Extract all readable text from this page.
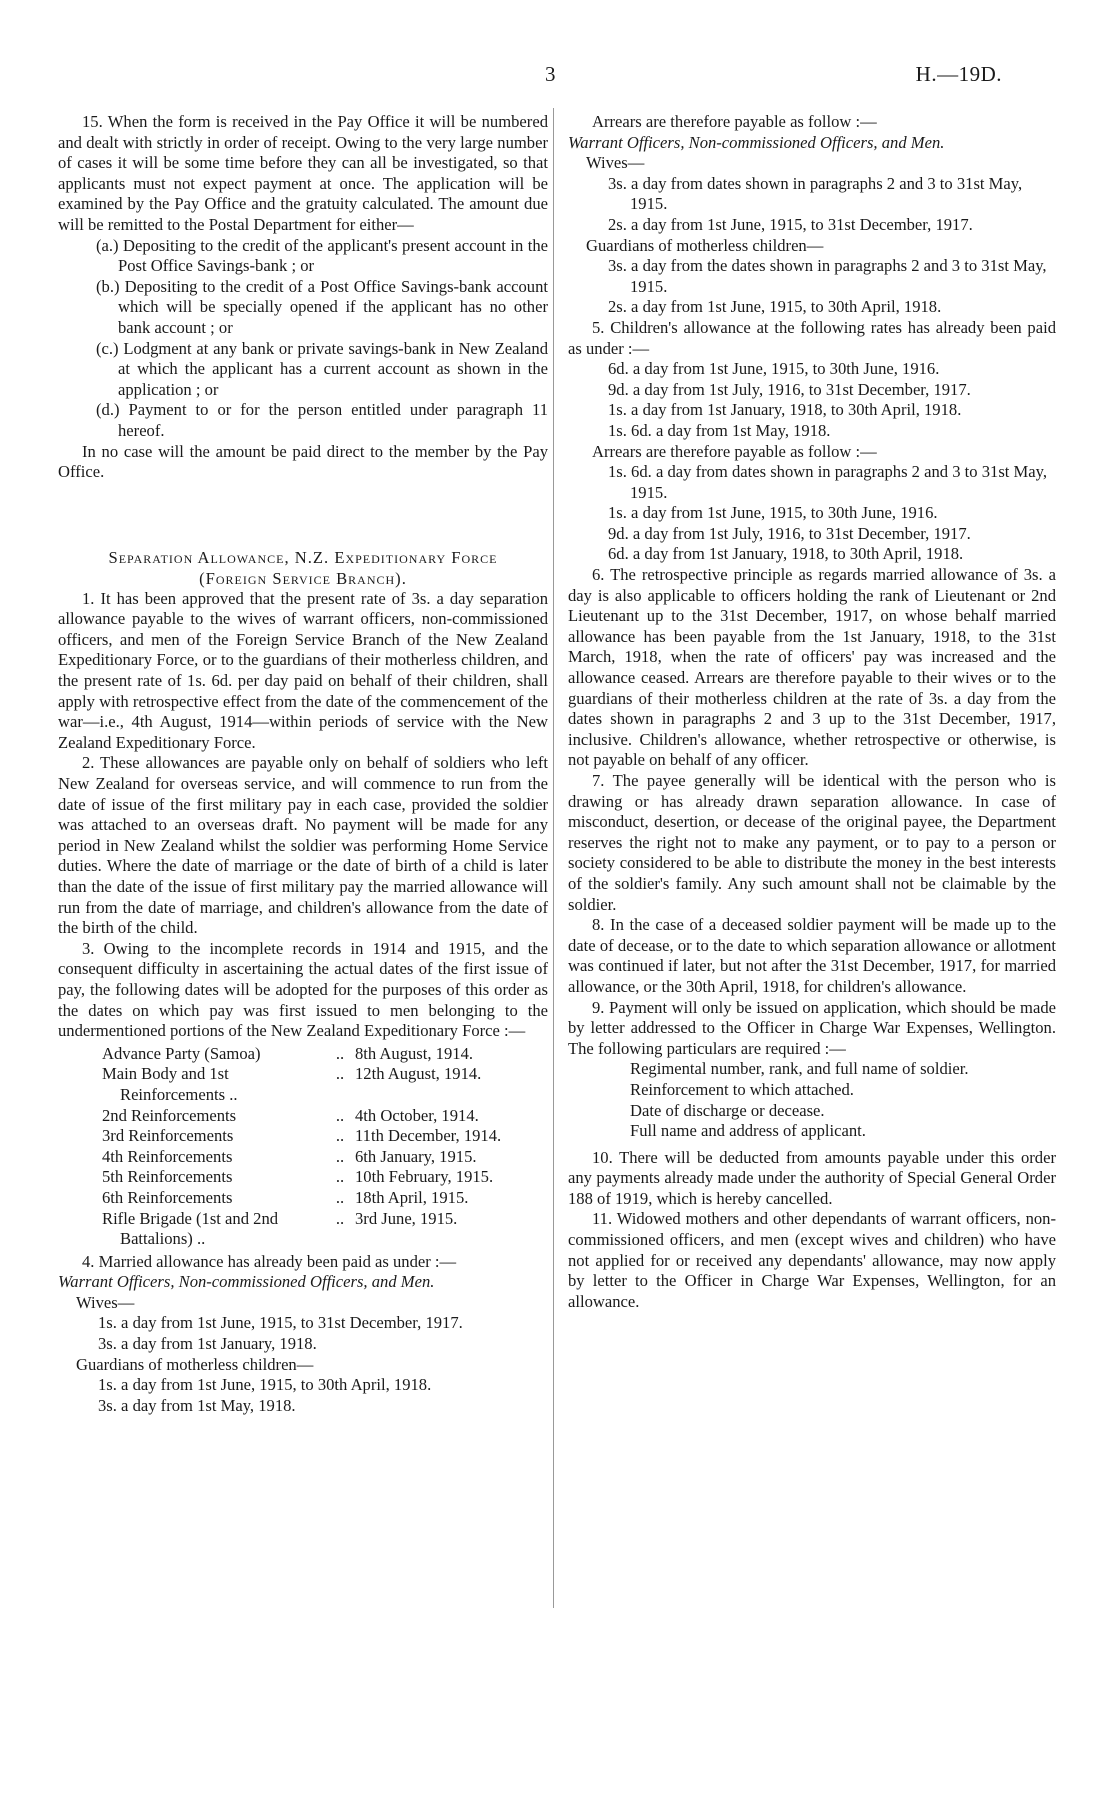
3	H.—19D.

15. When the form is received in the Pay Office it will be numbered and dealt with strictly in order of receipt. Owing to the very large number of cases it will be some time before they can all be investigated, so that applicants must not expect payment at once. The application will be examined by the Pay Office and the gratuity calculated. The amount due will be remitted to the Postal Department for either—

(a.) Depositing to the credit of the applicant's present account in the Post Office Savings-bank ; or

(b.) Depositing to the credit of a Post Office Savings-bank account which will be specially opened if the applicant has no other bank account ; or

(c.) Lodgment at any bank or private savings-bank in New Zealand at which the applicant has a current account as shown in the application ; or

(d.) Payment to or for the person entitled under paragraph 11 hereof.

In no case will the amount be paid direct to the member by the Pay Office.

Separation Allowance, N.Z. Expeditionary Force
(Foreign Service Branch).

1. It has been approved that the present rate of 3s. a day separation allowance payable to the wives of warrant officers, non-commissioned officers, and men of the Foreign Service Branch of the New Zealand Expeditionary Force, or to the guardians of their motherless children, and the present rate of 1s. 6d. per day paid on behalf of their children, shall apply with retrospective effect from the date of the commencement of the war—i.e., 4th August, 1914—within periods of service with the New Zealand Expeditionary Force.

2. These allowances are payable only on behalf of soldiers who left New Zealand for overseas service, and will commence to run from the date of issue of the first military pay in each case, provided the soldier was attached to an overseas draft. No payment will be made for any period in New Zealand whilst the soldier was performing Home Service duties. Where the date of marriage or the date of birth of a child is later than the date of the issue of first military pay the married allowance will run from the date of marriage, and children's allowance from the date of the birth of the child.

3. Owing to the incomplete records in 1914 and 1915, and the consequent difficulty in ascertaining the actual dates of the first issue of pay, the following dates will be adopted for the purposes of this order as the dates on which pay was first issued to men belonging to the undermentioned portions of the New Zealand Expeditionary Force :—

Advance Party (Samoa)	..	8th August, 1914.
Main Body and 1st Reinforcements ..	..	12th August, 1914.
2nd Reinforcements	..	4th October, 1914.
3rd Reinforcements	..	11th December, 1914.
4th Reinforcements	..	6th January, 1915.
5th Reinforcements	..	10th February, 1915.
6th Reinforcements	..	18th April, 1915.
Rifle Brigade (1st and 2nd Battalions) ..	..	3rd June, 1915.

4. Married allowance has already been paid as under :—

Warrant Officers, Non-commissioned Officers, and Men.

Wives—

1s. a day from 1st June, 1915, to 31st December, 1917.

3s. a day from 1st January, 1918.

Guardians of motherless children—

1s. a day from 1st June, 1915, to 30th April, 1918.

3s. a day from 1st May, 1918.

Arrears are therefore payable as follow :—

Warrant Officers, Non-commissioned Officers, and Men.

Wives—

3s. a day from dates shown in paragraphs 2 and 3 to 31st May, 1915.

2s. a day from 1st June, 1915, to 31st December, 1917.

Guardians of motherless children—

3s. a day from the dates shown in paragraphs 2 and 3 to 31st May, 1915.

2s. a day from 1st June, 1915, to 30th April, 1918.

5. Children's allowance at the following rates has already been paid as under :—

6d. a day from 1st June, 1915, to 30th June, 1916.

9d. a day from 1st July, 1916, to 31st December, 1917.

1s. a day from 1st January, 1918, to 30th April, 1918.

1s. 6d. a day from 1st May, 1918.

Arrears are therefore payable as follow :—

1s. 6d. a day from dates shown in paragraphs 2 and 3 to 31st May, 1915.

1s. a day from 1st June, 1915, to 30th June, 1916.

9d. a day from 1st July, 1916, to 31st December, 1917.

6d. a day from 1st January, 1918, to 30th April, 1918.

6. The retrospective principle as regards married allowance of 3s. a day is also applicable to officers holding the rank of Lieutenant or 2nd Lieutenant up to the 31st December, 1917, on whose behalf married allowance has been payable from the 1st January, 1918, to the 31st March, 1918, when the rate of officers' pay was increased and the allowance ceased. Arrears are therefore payable to their wives or to the guardians of their motherless children at the rate of 3s. a day from the dates shown in paragraphs 2 and 3 up to the 31st December, 1917, inclusive. Children's allowance, whether retrospective or otherwise, is not payable on behalf of any officer.

7. The payee generally will be identical with the person who is drawing or has already drawn separation allowance. In case of misconduct, desertion, or decease of the original payee, the Department reserves the right not to make any payment, or to pay to a person or society considered to be able to distribute the money in the best interests of the soldier's family. Any such amount shall not be claimable by the soldier.

8. In the case of a deceased soldier payment will be made up to the date of decease, or to the date to which separation allowance or allotment was continued if later, but not after the 31st December, 1917, for married allowance, or the 30th April, 1918, for children's allowance.

9. Payment will only be issued on application, which should be made by letter addressed to the Officer in Charge War Expenses, Wellington. The following particulars are required :—

Regimental number, rank, and full name of soldier.

Reinforcement to which attached.

Date of discharge or decease.

Full name and address of applicant.

10. There will be deducted from amounts payable under this order any payments already made under the authority of Special General Order 188 of 1919, which is hereby cancelled.

11. Widowed mothers and other dependants of warrant officers, non-commissioned officers, and men (except wives and children) who have not applied for or received any dependants' allowance, may now apply by letter to the Officer in Charge War Expenses, Wellington, for an allowance.
